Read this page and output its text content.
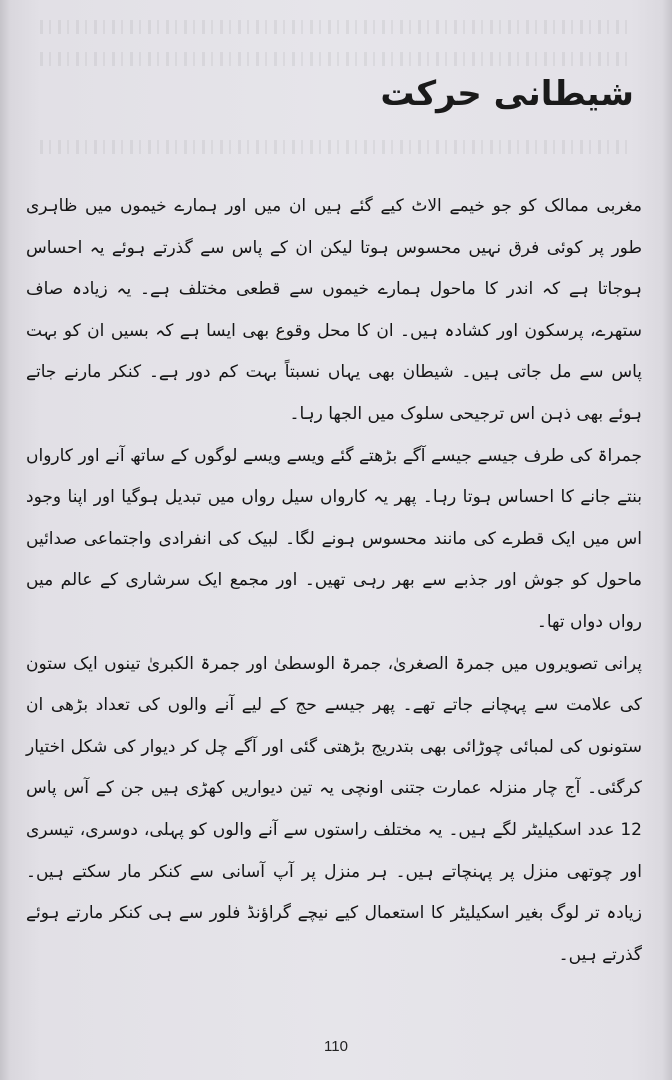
شیطانی حرکت

مغربی ممالک کو جو خیمے الاٹ کیے گئے ہیں ان میں اور ہمارے خیموں میں ظاہری طور پر کوئی فرق نہیں محسوس ہوتا لیکن ان کے پاس سے گذرتے ہوئے یہ احساس ہوجاتا ہے کہ اندر کا ماحول ہمارے خیموں سے قطعی مختلف ہے۔ یہ زیادہ صاف ستھرے، پرسکون اور کشادہ ہیں۔ ان کا محل وقوع بھی ایسا ہے کہ بسیں ان کو بہت پاس سے مل جاتی ہیں۔ شیطان بھی یہاں نسبتاً بہت کم دور ہے۔ کنکر مارنے جاتے ہوئے بھی ذہن اس ترجیحی سلوک میں الجھا رہا۔

جمراۃ کی طرف جیسے جیسے آگے بڑھتے گئے ویسے ویسے لوگوں کے ساتھ آنے اور کارواں بنتے جانے کا احساس ہوتا رہا۔ پھر یہ کارواں سیل رواں میں تبدیل ہوگیا اور اپنا وجود اس میں ایک قطرے کی مانند محسوس ہونے لگا۔ لبیک کی انفرادی واجتماعی صدائیں ماحول کو جوش اور جذبے سے بھر رہی تھیں۔ اور مجمع ایک سرشاری کے عالم میں رواں دواں تھا۔

پرانی تصویروں میں جمرۃ الصغریٰ، جمرۃ الوسطیٰ اور جمرۃ الکبریٰ تینوں ایک ستون کی علامت سے پہچانے جاتے تھے۔ پھر جیسے حج کے لیے آنے والوں کی تعداد بڑھی ان ستونوں کی لمبائی چوڑائی بھی بتدریج بڑھتی گئی اور آگے چل کر دیوار کی شکل اختیار کرگئی۔ آج چار منزلہ عمارت جتنی اونچی یہ تین دیواریں کھڑی ہیں جن کے آس پاس 12 عدد اسکیلیٹر لگے ہیں۔ یہ مختلف راستوں سے آنے والوں کو پہلی، دوسری، تیسری اور چوتھی منزل پر پہنچاتے ہیں۔ ہر منزل پر آپ آسانی سے کنکر مار سکتے ہیں۔ زیادہ تر لوگ بغیر اسکیلیٹر کا استعمال کیے نیچے گراؤنڈ فلور سے ہی کنکر مارتے ہوئے گذرتے ہیں۔

110
